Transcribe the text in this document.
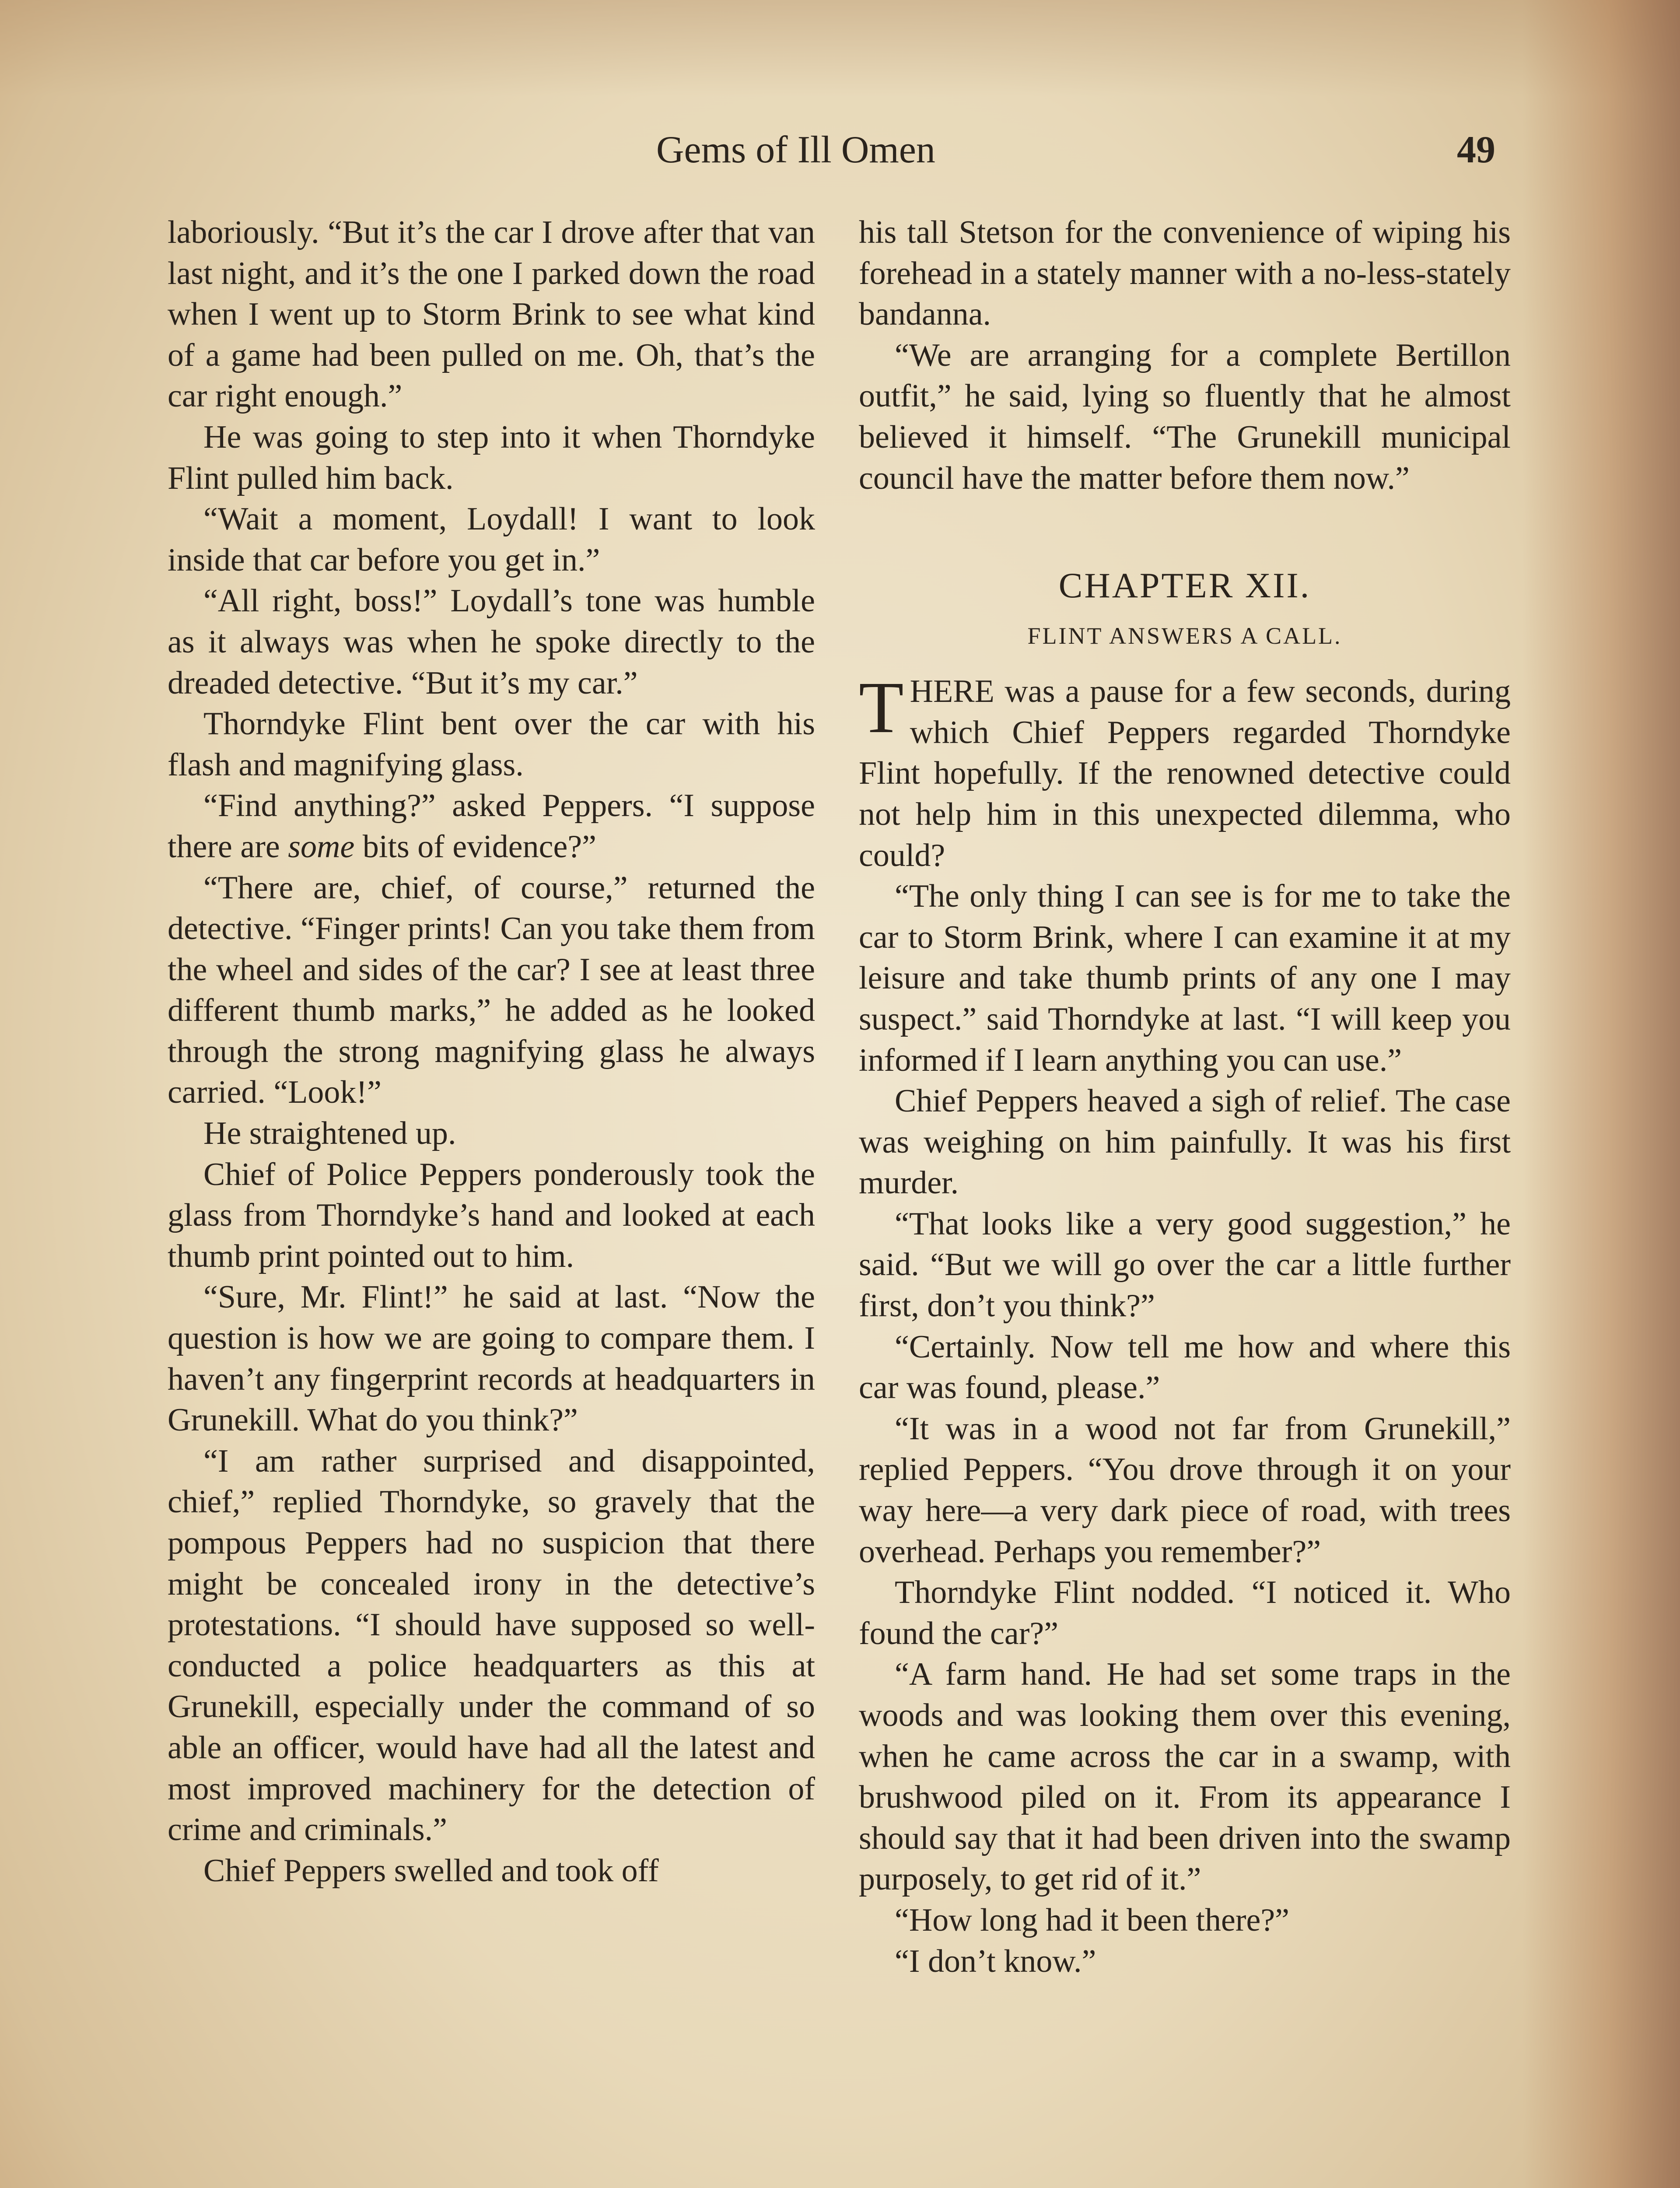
Gems of Ill Omen	49

laboriously. “But it’s the car I drove after that van last night, and it’s the one I parked down the road when I went up to Storm Brink to see what kind of a game had been pulled on me. Oh, that’s the car right enough.”

He was going to step into it when Thorndyke Flint pulled him back.

“Wait a moment, Loydall! I want to look inside that car before you get in.”

“All right, boss!” Loydall’s tone was humble as it always was when he spoke directly to the dreaded detective. “But it’s my car.”

Thorndyke Flint bent over the car with his flash and magnifying glass.

“Find anything?” asked Peppers. “I suppose there are some bits of evidence?”

“There are, chief, of course,” returned the detective. “Finger prints! Can you take them from the wheel and sides of the car? I see at least three different thumb marks,” he added as he looked through the strong magnifying glass he always carried. “Look!”

He straightened up.

Chief of Police Peppers ponderously took the glass from Thorndyke’s hand and looked at each thumb print pointed out to him.

“Sure, Mr. Flint!” he said at last. “Now the question is how we are going to compare them. I haven’t any fingerprint records at headquarters in Grunekill. What do you think?”

“I am rather surprised and disappointed, chief,” replied Thorndyke, so gravely that the pompous Peppers had no suspicion that there might be concealed irony in the detective’s protestations. “I should have supposed so well-conducted a police headquarters as this at Grunekill, especially under the command of so able an officer, would have had all the latest and most improved machinery for the detection of crime and criminals.”

Chief Peppers swelled and took off

his tall Stetson for the convenience of wiping his forehead in a stately manner with a no-less-stately bandanna.

“We are arranging for a complete Bertillon outfit,” he said, lying so fluently that he almost believed it himself. “The Grunekill municipal council have the matter before them now.”

CHAPTER XII.
FLINT ANSWERS A CALL.

THERE was a pause for a few seconds, during which Chief Peppers regarded Thorndyke Flint hopefully. If the renowned detective could not help him in this unexpected dilemma, who could?

“The only thing I can see is for me to take the car to Storm Brink, where I can examine it at my leisure and take thumb prints of any one I may suspect.” said Thorndyke at last. “I will keep you informed if I learn anything you can use.”

Chief Peppers heaved a sigh of relief. The case was weighing on him painfully. It was his first murder.

“That looks like a very good suggestion,” he said. “But we will go over the car a little further first, don’t you think?”

“Certainly. Now tell me how and where this car was found, please.”

“It was in a wood not far from Grunekill,” replied Peppers. “You drove through it on your way here—a very dark piece of road, with trees overhead. Perhaps you remember?”

Thorndyke Flint nodded. “I noticed it. Who found the car?”

“A farm hand. He had set some traps in the woods and was looking them over this evening, when he came across the car in a swamp, with brushwood piled on it. From its appearance I should say that it had been driven into the swamp purposely, to get rid of it.”

“How long had it been there?”

“I don’t know.”
